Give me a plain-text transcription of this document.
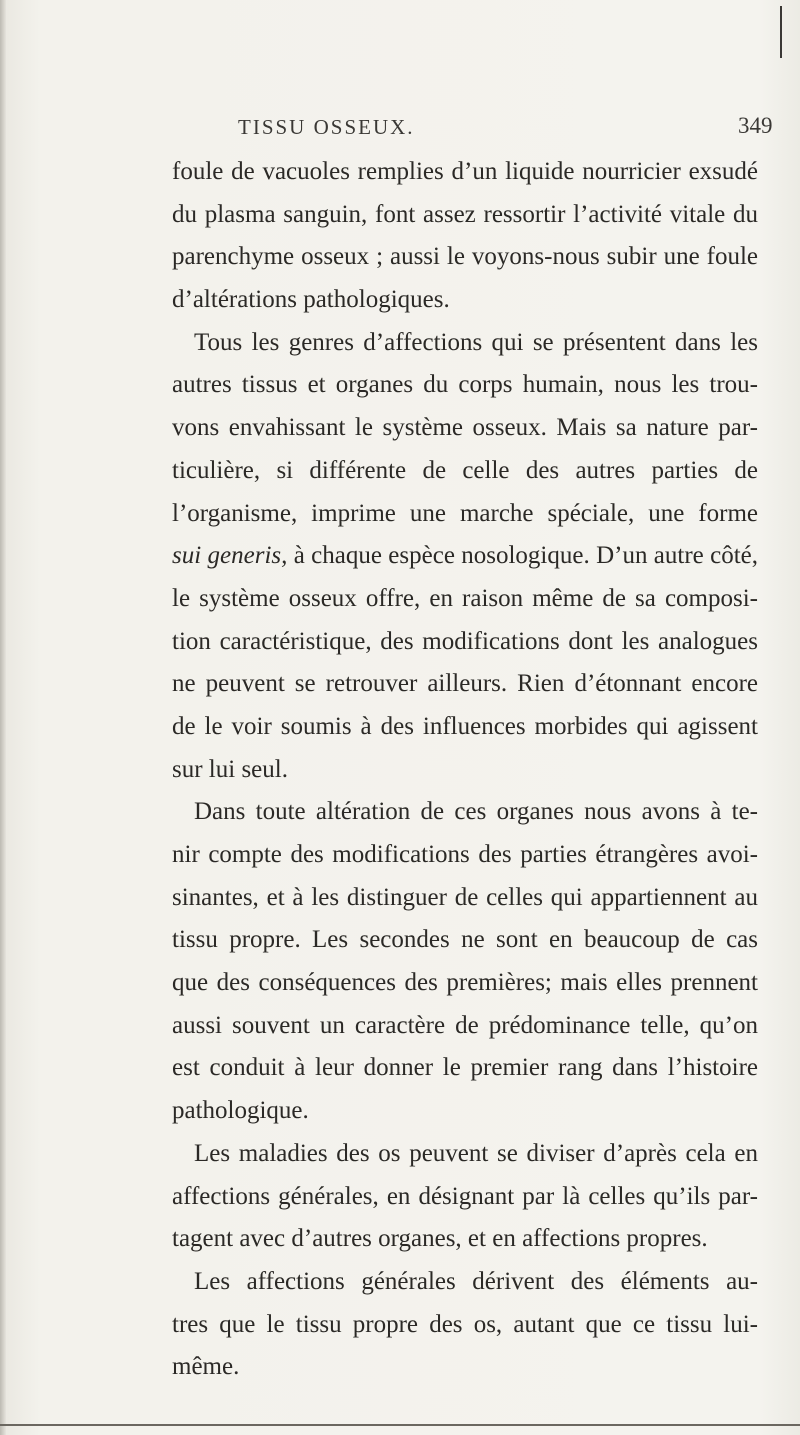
TISSU OSSEUX.	349
foule de vacuoles remplies d’un liquide nourricier exsudé
du plasma sanguin, font assez ressortir l’activité vitale du
parenchyme osseux ; aussi le voyons-nous subir une foule
d’altérations pathologiques.
Tous les genres d’affections qui se présentent dans les
autres tissus et organes du corps humain, nous les trou-
vons envahissant le système osseux. Mais sa nature par-
ticulière, si différente de celle des autres parties de
l’organisme, imprime une marche spéciale, une forme
sui generis, à chaque espèce nosologique. D’un autre côté,
le système osseux offre, en raison même de sa composi-
tion caractéristique, des modifications dont les analogues
ne peuvent se retrouver ailleurs. Rien d’étonnant encore
de le voir soumis à des influences morbides qui agissent
sur lui seul.
Dans toute altération de ces organes nous avons à te-
nir compte des modifications des parties étrangères avoi-
sinantes, et à les distinguer de celles qui appartiennent au
tissu propre. Les secondes ne sont en beaucoup de cas
que des conséquences des premières; mais elles prennent
aussi souvent un caractère de prédominance telle, qu’on
est conduit à leur donner le premier rang dans l’histoire
pathologique.
Les maladies des os peuvent se diviser d’après cela en
affections générales, en désignant par là celles qu’ils par-
tagent avec d’autres organes, et en affections propres.
Les affections générales dérivent des éléments au-
tres que le tissu propre des os, autant que ce tissu lui-
même.
